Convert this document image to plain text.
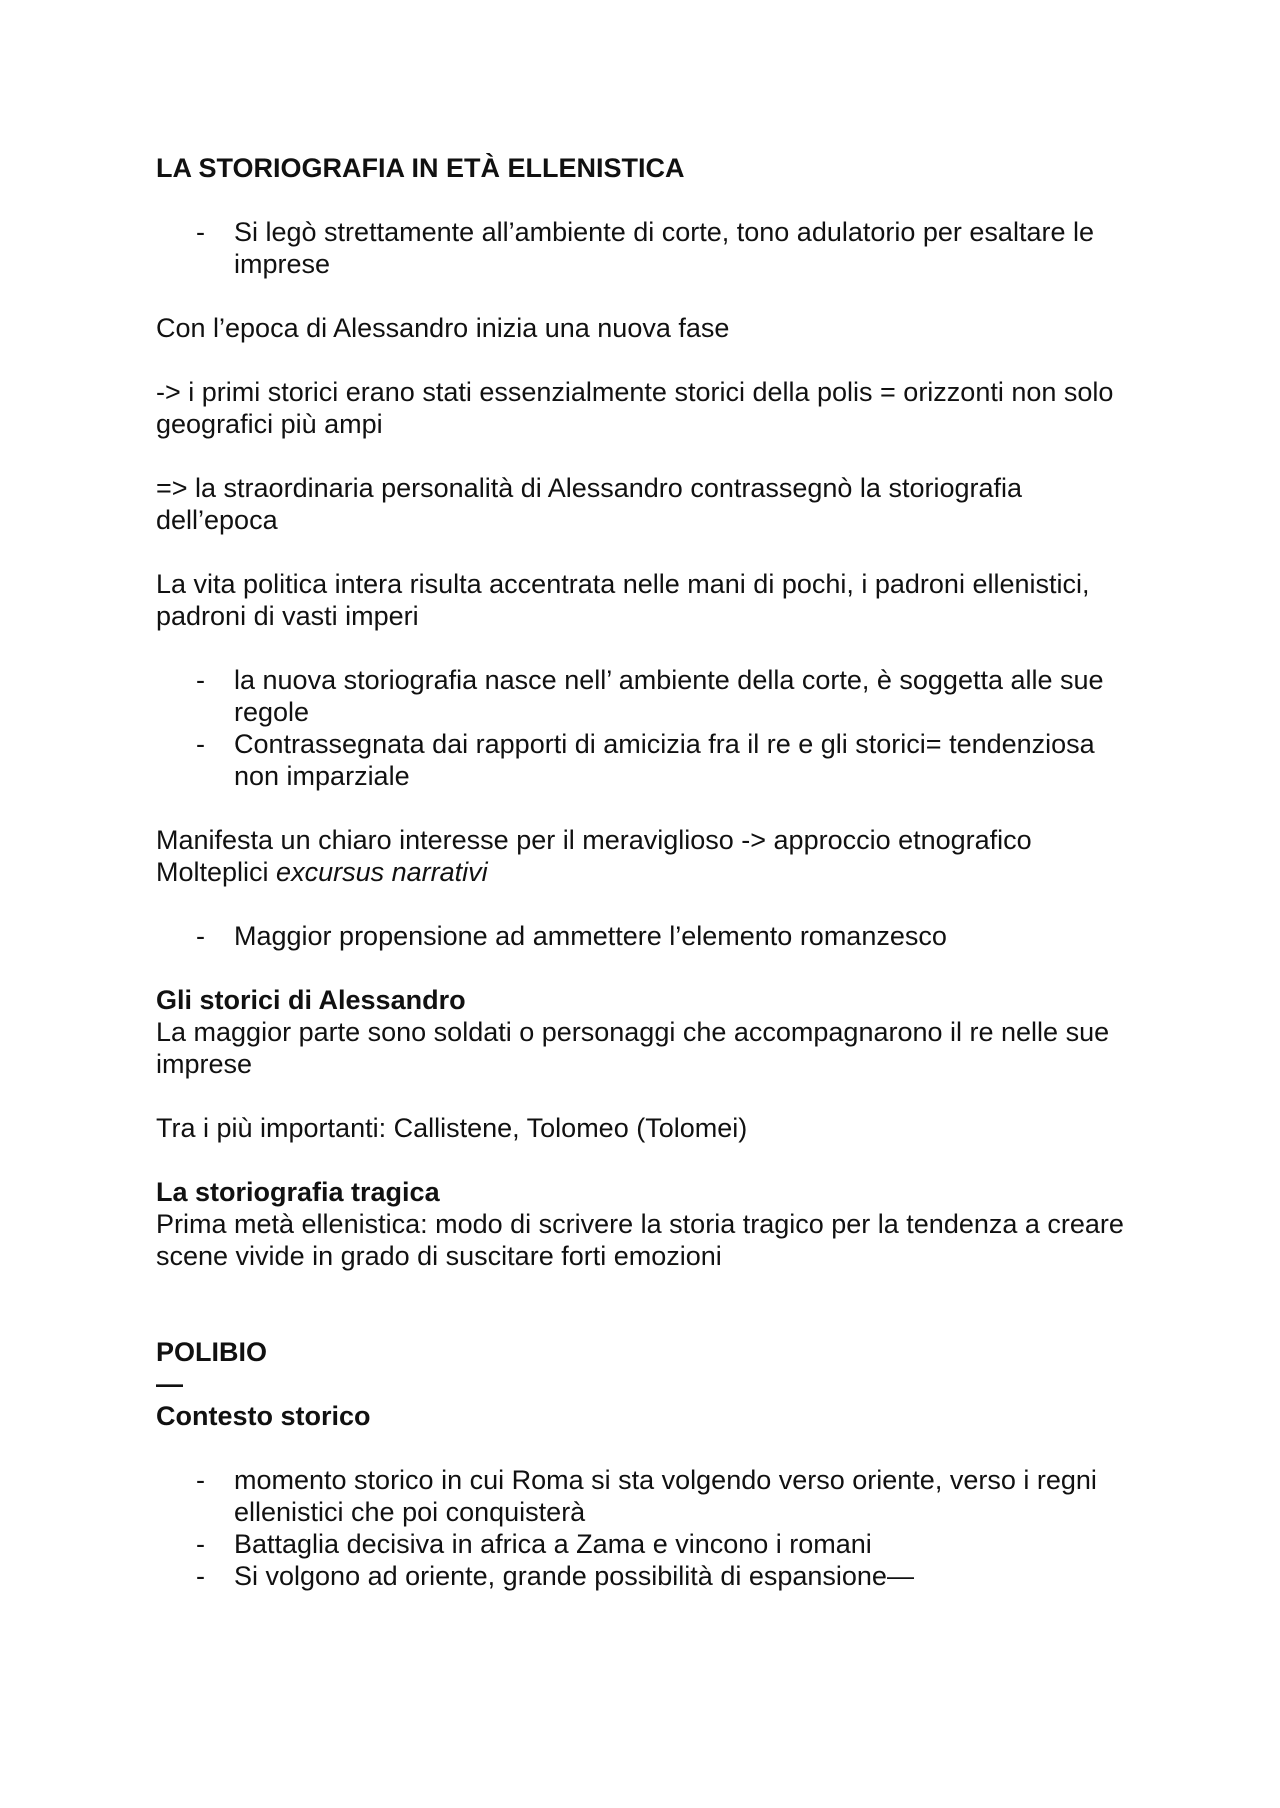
LA STORIOGRAFIA IN ETÀ ELLENISTICA

- Si legò strettamente all’ambiente di corte, tono adulatorio per esaltare le imprese

Con l’epoca di Alessandro inizia una nuova fase

-> i primi storici erano stati essenzialmente storici della polis = orizzonti non solo geografici più ampi

=> la straordinaria personalità di Alessandro contrassegnò la storiografia dell’epoca

La vita politica intera risulta accentrata nelle mani di pochi, i padroni ellenistici, padroni di vasti imperi

- la nuova storiografia nasce nell’ ambiente della corte, è soggetta alle sue regole
- Contrassegnata dai rapporti di amicizia fra il re e gli storici= tendenziosa non imparziale

Manifesta un chiaro interesse per il meraviglioso -> approccio etnografico

Molteplici excursus narrativi

- Maggior propensione ad ammettere l’elemento romanzesco

Gli storici di Alessandro

La maggior parte sono soldati o personaggi che accompagnarono il re nelle sue imprese

Tra i più importanti: Callistene, Tolomeo (Tolomei)

La storiografia tragica

Prima metà ellenistica: modo di scrivere la storia tragico per la tendenza a creare scene vivide in grado di suscitare forti emozioni

POLIBIO

—

Contesto storico

- momento storico in cui Roma si sta volgendo verso oriente, verso i regni ellenistici che poi conquisterà
- Battaglia decisiva in africa a Zama e vincono i romani
- Si volgono ad oriente, grande possibilità di espansione—
